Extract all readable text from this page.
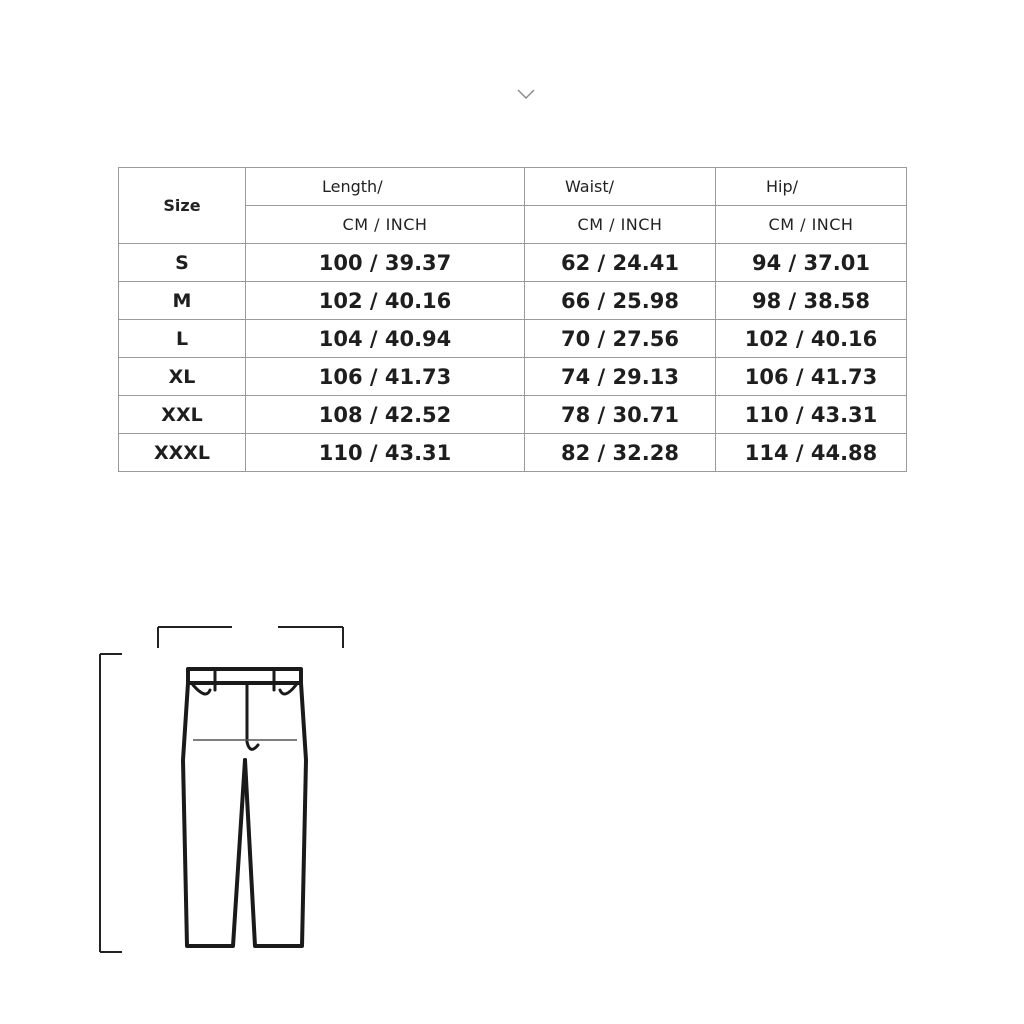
Size	Length/	Waist/	Hip/
	CM / INCH	CM / INCH	CM / INCH
S	100 / 39.37	62 / 24.41	94 / 37.01
M	102 / 40.16	66 / 25.98	98 / 38.58
L	104 / 40.94	70 / 27.56	102 / 40.16
XL	106 / 41.73	74 / 29.13	106 / 41.73
XXL	108 / 42.52	78 / 30.71	110 / 43.31
XXXL	110 / 43.31	82 / 32.28	114 / 44.88
